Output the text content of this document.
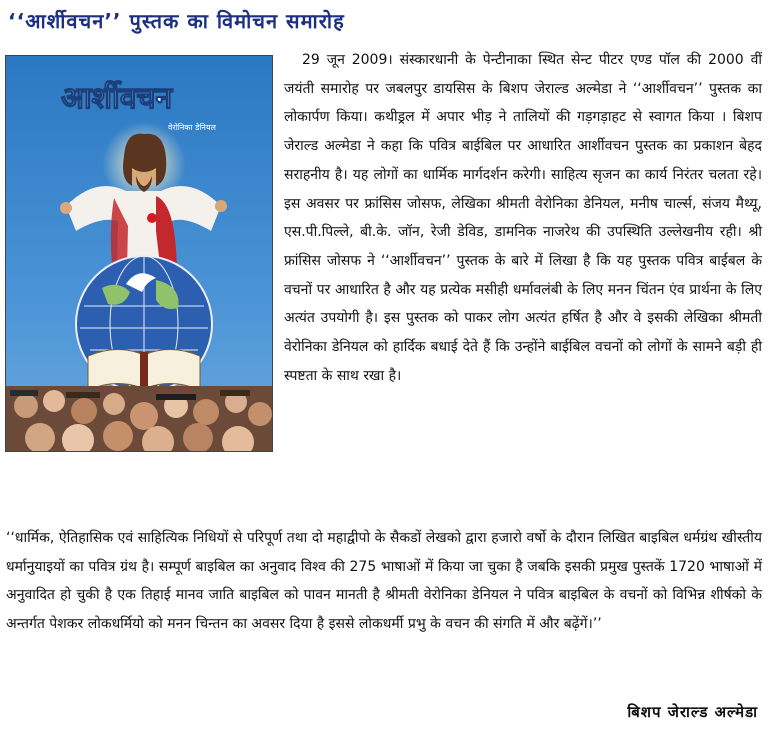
‘‘आर्शीवचन’’ पुस्तक का विमोचन समारोह
आर्शीवचन
वेरोनिका डेनियल

29 जून 2009। संस्कारधानी के पेन्टीनाका स्थित सेन्ट पीटर एण्ड पॉल की 2000 वीं जयंती समारोह पर जबलपुर डायसिस के बिशप जेराल्ड अल्मेडा ने ‘‘आर्शीवचन’’ पुस्तक का लोकार्पण किया। कथीड्रल में अपार भीड़ ने तालियों की गड़गड़ाहट से स्वागत किया । बिशप जेराल्ड अल्मेडा ने कहा कि पवित्र बाईबिल पर आधारित आर्शीवचन पुस्तक का प्रकाशन बेहद सराहनीय है। यह लोगों का धार्मिक मार्गदर्शन करेगी। साहित्य सृजन का कार्य निरंतर चलता रहे। इस अवसर पर फ्रांसिस जोसफ, लेखिका श्रीमती वेरोनिका डेनियल, मनीष चार्ल्स, संजय मैथ्यू, एस.पी.पिल्ले, बी.के. जॉन, रेजी डेविड, डामनिक नाजरेथ की उपस्थिति उल्लेखनीय रही। श्री फ्रांसिस जोसफ ने ‘‘आर्शीवचन’’ पुस्तक के बारे में लिखा है कि यह पुस्तक पवित्र बाईबल के वचनों पर आधारित है और यह प्रत्येक मसीही धर्मावलंबी के लिए मनन चिंतन एंव प्रार्थना के लिए अत्यंत उपयोगी है। इस पुस्तक को पाकर लोग अत्यंत हर्षित है और वे इसकी लेखिका श्रीमती वेरोनिका डेनियल को हार्दिक बधाई देते हैं कि उन्होंने बाईबिल वचनों को लोगों के सामने बड़ी ही स्पष्टता के साथ रखा है।

‘‘धार्मिक, ऐतिहासिक एवं साहित्यिक निधियों से परिपूर्ण तथा दो महाद्वीपो के सैकडों लेखको द्वारा हजारो वर्षो के दौरान लिखित बाइबिल धर्मग्रंथ खीस्तीय धर्मानुयाइयों का पवित्र ग्रंथ है। सम्पूर्ण बाइबिल का अनुवाद विश्व की 275 भाषाओं में किया जा चुका है जबकि इसकी प्रमुख पुस्तकें 1720 भाषाओं में अनुवादित हो चुकी है एक तिहाई मानव जाति बाइबिल को पावन मानती है श्रीमती वेरोनिका डेनियल ने पवित्र बाइबिल के वचनों को विभिन्न शीर्षको के अन्तर्गत पेशकर लोकधर्मियो को मनन चिन्तन का अवसर दिया है इससे लोकधर्मी प्रभु के वचन की संगति में और बढ़ेंगें।’’

बिशप जेराल्ड अल्मेडा
